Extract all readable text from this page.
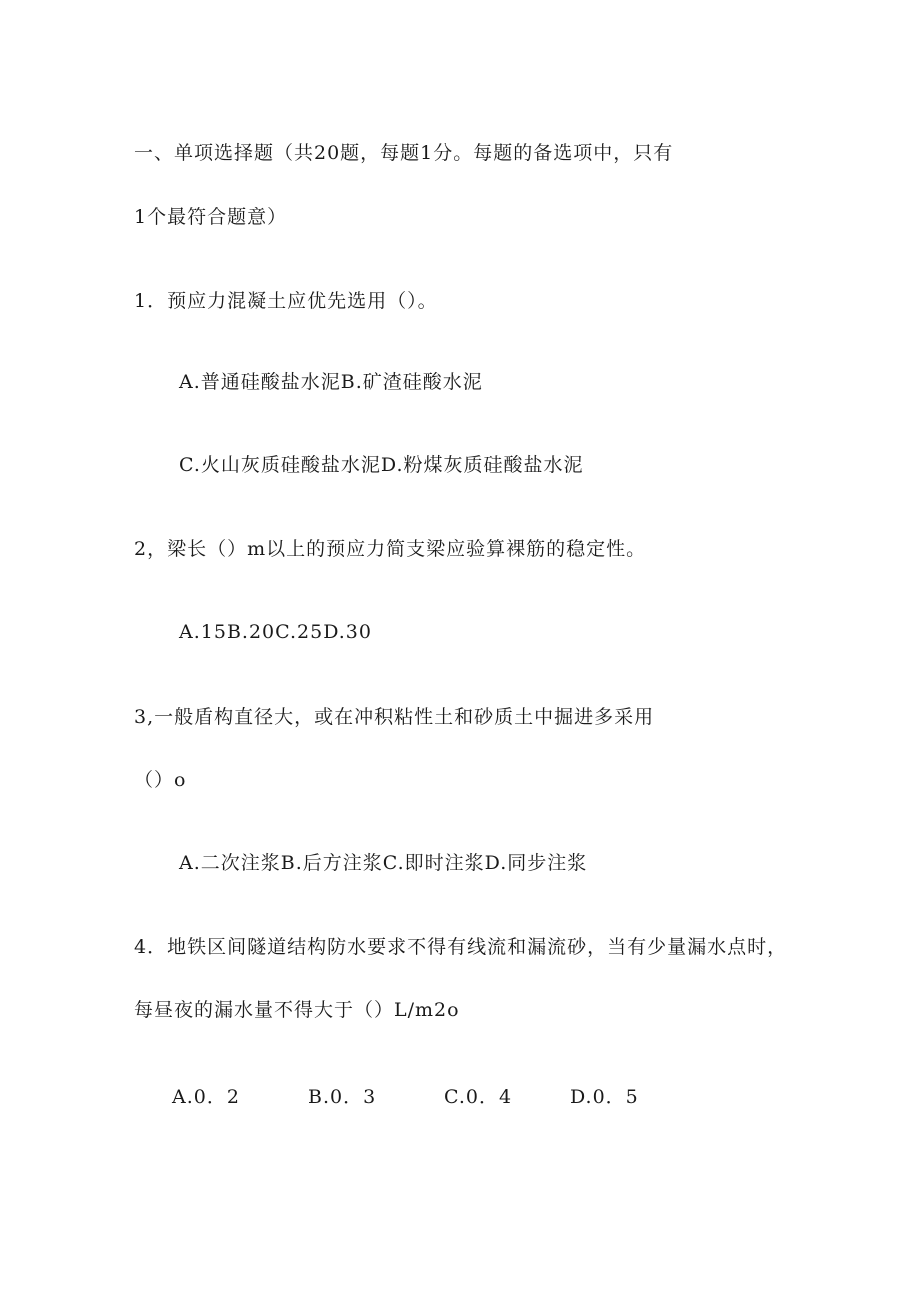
一、单项选择题（共20题，每题1分。每题的备选项中，只有
1个最符合题意）
1．预应力混凝土应优先选用（）。
A.普通硅酸盐水泥B.矿渣硅酸水泥
C.火山灰质硅酸盐水泥D.粉煤灰质硅酸盐水泥
2，梁长（）m以上的预应力简支梁应验算裸筋的稳定性。
A.15B.20C.25D.30
3,一般盾构直径大，或在冲积粘性土和砂质土中掘进多采用
（）o
A.二次注浆B.后方注浆C.即时注浆D.同步注浆
4．地铁区间隧道结构防水要求不得有线流和漏流砂，当有少量漏水点时，
每昼夜的漏水量不得大于（）L/m2o
A.0．2	B.0．3	C.0．4	D.0．5
